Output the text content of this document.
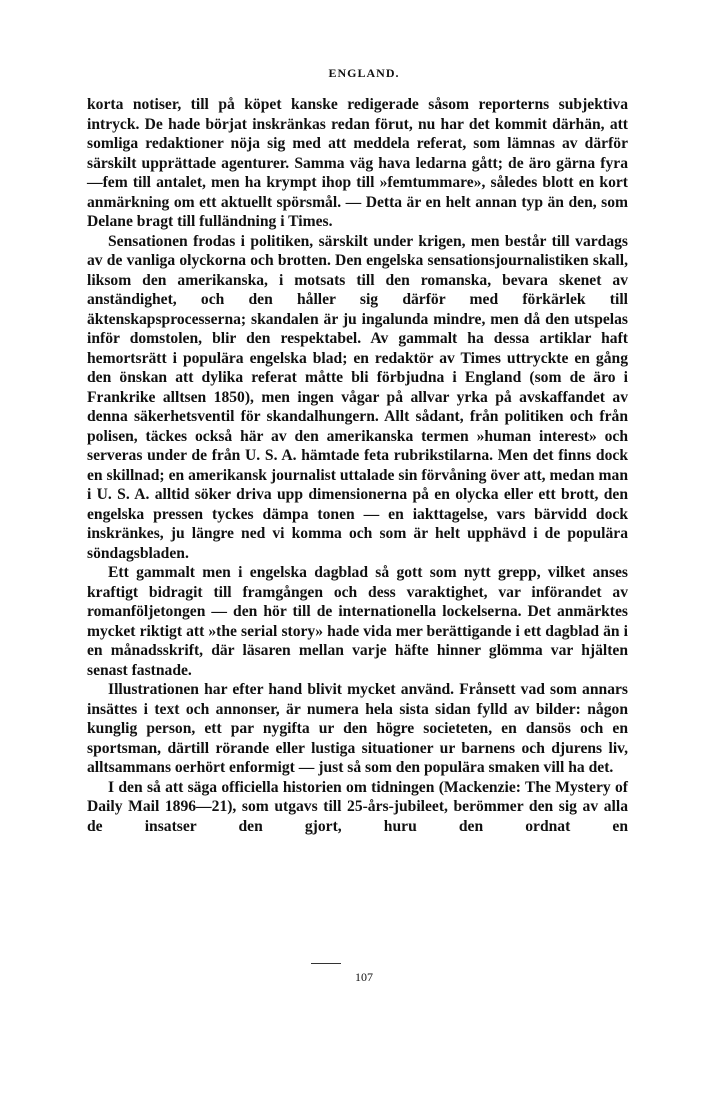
ENGLAND.

korta notiser, till på köpet kanske redigerade såsom reporterns subjektiva intryck. De hade börjat inskränkas redan förut, nu har det kommit därhän, att somliga redaktioner nöja sig med att meddela referat, som lämnas av därför särskilt upprättade agenturer. Samma väg hava ledarna gått; de äro gärna fyra—fem till antalet, men ha krympt ihop till »femtummare», således blott en kort anmärkning om ett aktuellt spörsmål. — Detta är en helt annan typ än den, som Delane bragt till fulländning i Times.

Sensationen frodas i politiken, särskilt under krigen, men består till vardags av de vanliga olyckorna och brotten. Den engelska sensationsjournalistiken skall, liksom den amerikanska, i motsats till den romanska, bevara skenet av anständighet, och den håller sig därför med förkärlek till äktenskapsprocesserna; skandalen är ju ingalunda mindre, men då den utspelas inför domstolen, blir den respektabel. Av gammalt ha dessa artiklar haft hemortsrätt i populära engelska blad; en redaktör av Times uttryckte en gång den önskan att dylika referat måtte bli förbjudna i England (som de äro i Frankrike alltsen 1850), men ingen vågar på allvar yrka på avskaffandet av denna säkerhetsventil för skandalhungern. Allt sådant, från politiken och från polisen, täckes också här av den amerikanska termen »human interest» och serveras under de från U. S. A. hämtade feta rubrikstilarna. Men det finns dock en skillnad; en amerikansk journalist uttalade sin förvåning över att, medan man i U. S. A. alltid söker driva upp dimensionerna på en olycka eller ett brott, den engelska pressen tyckes dämpa tonen — en iakttagelse, vars bärvidd dock inskränkes, ju längre ned vi komma och som är helt upphävd i de populära söndagsbladen.

Ett gammalt men i engelska dagblad så gott som nytt grepp, vilket anses kraftigt bidragit till framgången och dess varaktighet, var införandet av romanföljetongen — den hör till de internationella lockelserna. Det anmärktes mycket riktigt att »the serial story» hade vida mer berättigande i ett dagblad än i en månadsskrift, där läsaren mellan varje häfte hinner glömma var hjälten senast fastnade.

Illustrationen har efter hand blivit mycket använd. Frånsett vad som annars insättes i text och annonser, är numera hela sista sidan fylld av bilder: någon kunglig person, ett par nygifta ur den högre societeten, en dansös och en sportsman, därtill rörande eller lustiga situationer ur barnens och djurens liv, alltsammans oerhört enformigt — just så som den populära smaken vill ha det.

I den så att säga officiella historien om tidningen (Mackenzie: The Mystery of Daily Mail 1896—21), som utgavs till 25-års-jubileet, berömmer den sig av alla de insatser den gjort, huru den ordnat en

107
